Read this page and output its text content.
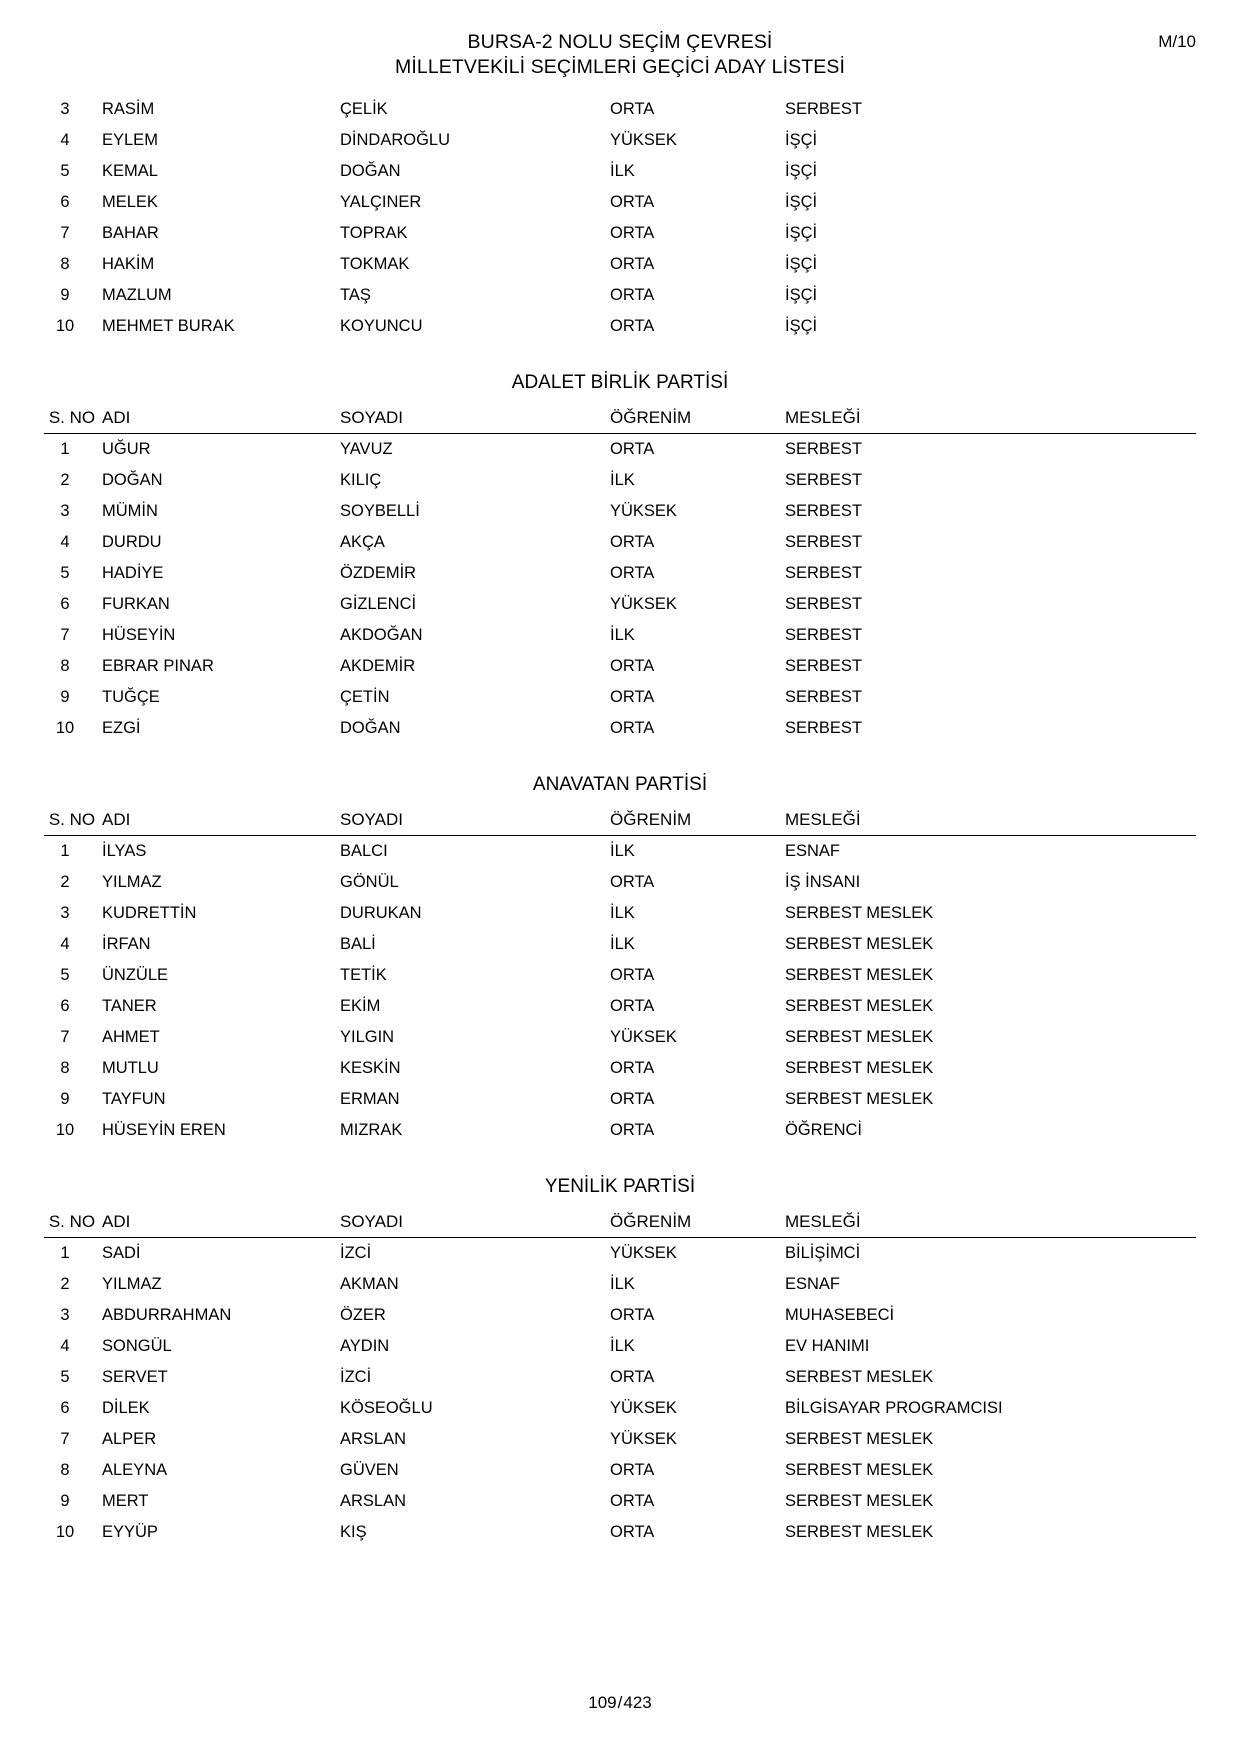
BURSA-2 NOLU SEÇİM ÇEVRESİ
MİLLETVEKİLİ SEÇİMLERİ GEÇİCİ ADAY LİSTESİ
M/10
3	RASİM	ÇELİK	ORTA	SERBEST
4	EYLEM	DİNDAROĞLU	YÜKSEK	İŞÇİ
5	KEMAL	DOĞAN	İLK	İŞÇİ
6	MELEK	YALÇINER	ORTA	İŞÇİ
7	BAHAR	TOPRAK	ORTA	İŞÇİ
8	HAKİM	TOKMAK	ORTA	İŞÇİ
9	MAZLUM	TAŞ	ORTA	İŞÇİ
10	MEHMET BURAK	KOYUNCU	ORTA	İŞÇİ
ADALET BİRLİK PARTİSİ
S. NO	ADI	SOYADI	ÖĞRENİM	MESLEĞİ
1	UĞUR	YAVUZ	ORTA	SERBEST
2	DOĞAN	KILIÇ	İLK	SERBEST
3	MÜMİN	SOYBELLİ	YÜKSEK	SERBEST
4	DURDU	AKÇA	ORTA	SERBEST
5	HADİYE	ÖZDEMİR	ORTA	SERBEST
6	FURKAN	GİZLENCİ	YÜKSEK	SERBEST
7	HÜSEYİN	AKDOĞAN	İLK	SERBEST
8	EBRAR PINAR	AKDEMİR	ORTA	SERBEST
9	TUĞÇE	ÇETİN	ORTA	SERBEST
10	EZGİ	DOĞAN	ORTA	SERBEST
ANAVATAN PARTİSİ
S. NO	ADI	SOYADI	ÖĞRENİM	MESLEĞİ
1	İLYAS	BALCI	İLK	ESNAF
2	YILMAZ	GÖNÜL	ORTA	İŞ İNSANI
3	KUDRETTİN	DURUKAN	İLK	SERBEST MESLEK
4	İRFAN	BALİ	İLK	SERBEST MESLEK
5	ÜNZÜLE	TETİK	ORTA	SERBEST MESLEK
6	TANER	EKİM	ORTA	SERBEST MESLEK
7	AHMET	YILGIN	YÜKSEK	SERBEST MESLEK
8	MUTLU	KESKİN	ORTA	SERBEST MESLEK
9	TAYFUN	ERMAN	ORTA	SERBEST MESLEK
10	HÜSEYİN EREN	MIZRAK	ORTA	ÖĞRENCİ
YENİLİK PARTİSİ
S. NO	ADI	SOYADI	ÖĞRENİM	MESLEĞİ
1	SADİ	İZCİ	YÜKSEK	BİLİŞİMCİ
2	YILMAZ	AKMAN	İLK	ESNAF
3	ABDURRAHMAN	ÖZER	ORTA	MUHASEBECİ
4	SONGÜL	AYDIN	İLK	EV HANIMI
5	SERVET	İZCİ	ORTA	SERBEST MESLEK
6	DİLEK	KÖSEOĞLU	YÜKSEK	BİLGİSAYAR PROGRAMCISI
7	ALPER	ARSLAN	YÜKSEK	SERBEST MESLEK
8	ALEYNA	GÜVEN	ORTA	SERBEST MESLEK
9	MERT	ARSLAN	ORTA	SERBEST MESLEK
10	EYYÜP	KIŞ	ORTA	SERBEST MESLEK
109/423
